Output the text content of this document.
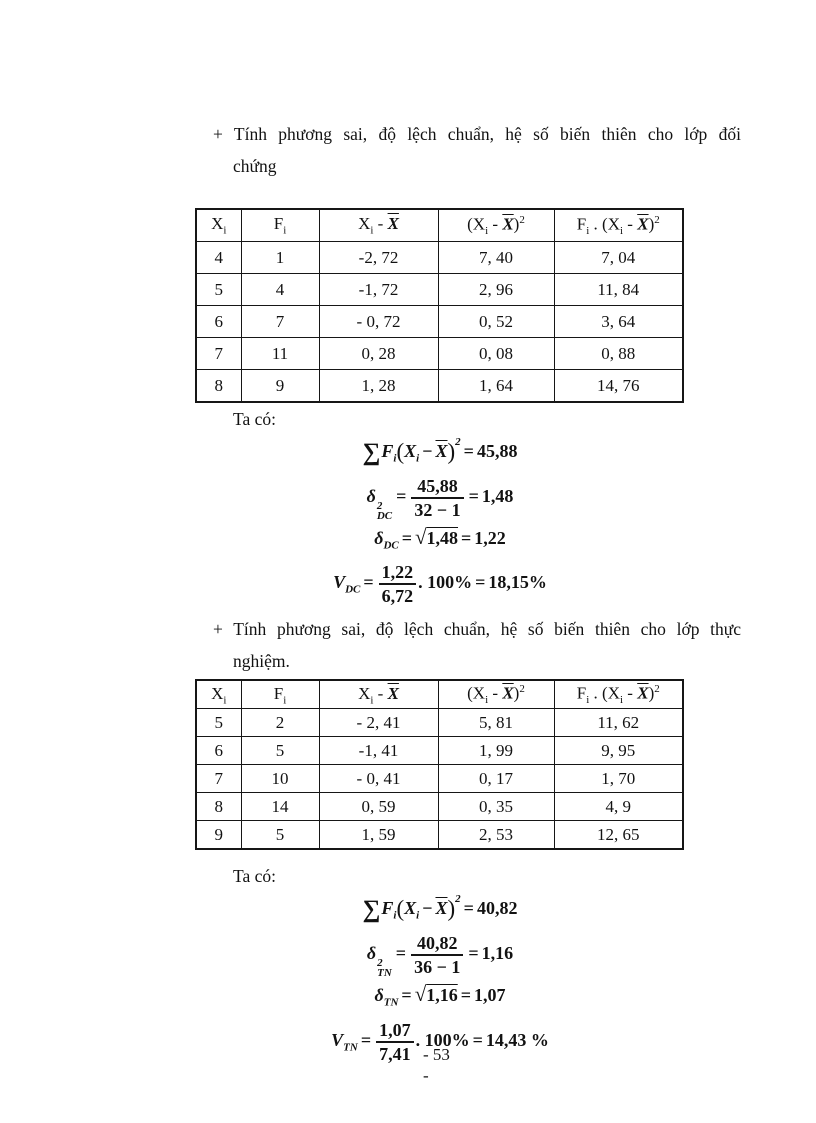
+ Tính phương sai, độ lệch chuẩn, hệ số biến thiên cho lớp đối
chứng
$X_i$	$F_i$	$X_i - \overline{X}$	$(X_i - \overline{X})^2$	$F_i$ . $(X_i - \overline{X})^2$
4	1	-2, 72	7, 40	7, 04
5	4	-1, 72	2, 96	11, 84
6	7	- 0, 72	0, 52	3, 64
7	11	0, 28	0, 08	0, 88
8	9	1, 28	1, 64	14, 76
Ta có:
$\sum F_i(X_i - \overline{X})^2 = 45,88$
δ 2
DC
= $\frac{45,88}{32 - 1} = 1,48$
$\delta_{DC} = √1,48 = 1,22$
$V_{DC} = \frac{1,22}{6,72}$ . 100% = 18,15%
+ Tính phương sai, độ lệch chuẩn, hệ số biến thiên cho lớp thực
nghiệm.
$X_i$	$F_i$	$X_i - \overline{X}$	$(X_i - \overline{X})^2$	$F_i$ . $(X_i - \overline{X})^2$
5	2	- 2, 41	5, 81	11, 62
6	5	-1, 41	1, 99	9, 95
7	10	- 0, 41	0, 17	1, 70
8	14	0, 59	0, 35	4, 9
9	5	1, 59	2, 53	12, 65
Ta có:
$\sum F_i(X_i - \overline{X})^2 = 40,82$
δ 2
TN
= $\frac{40,82}{36 - 1} = 1,16$
$\delta_{TN} = √1,16 = 1,07$
$V_{TN} = \frac{1,07}{7,41}$ . 100% = 14,43 %
- 53
-
